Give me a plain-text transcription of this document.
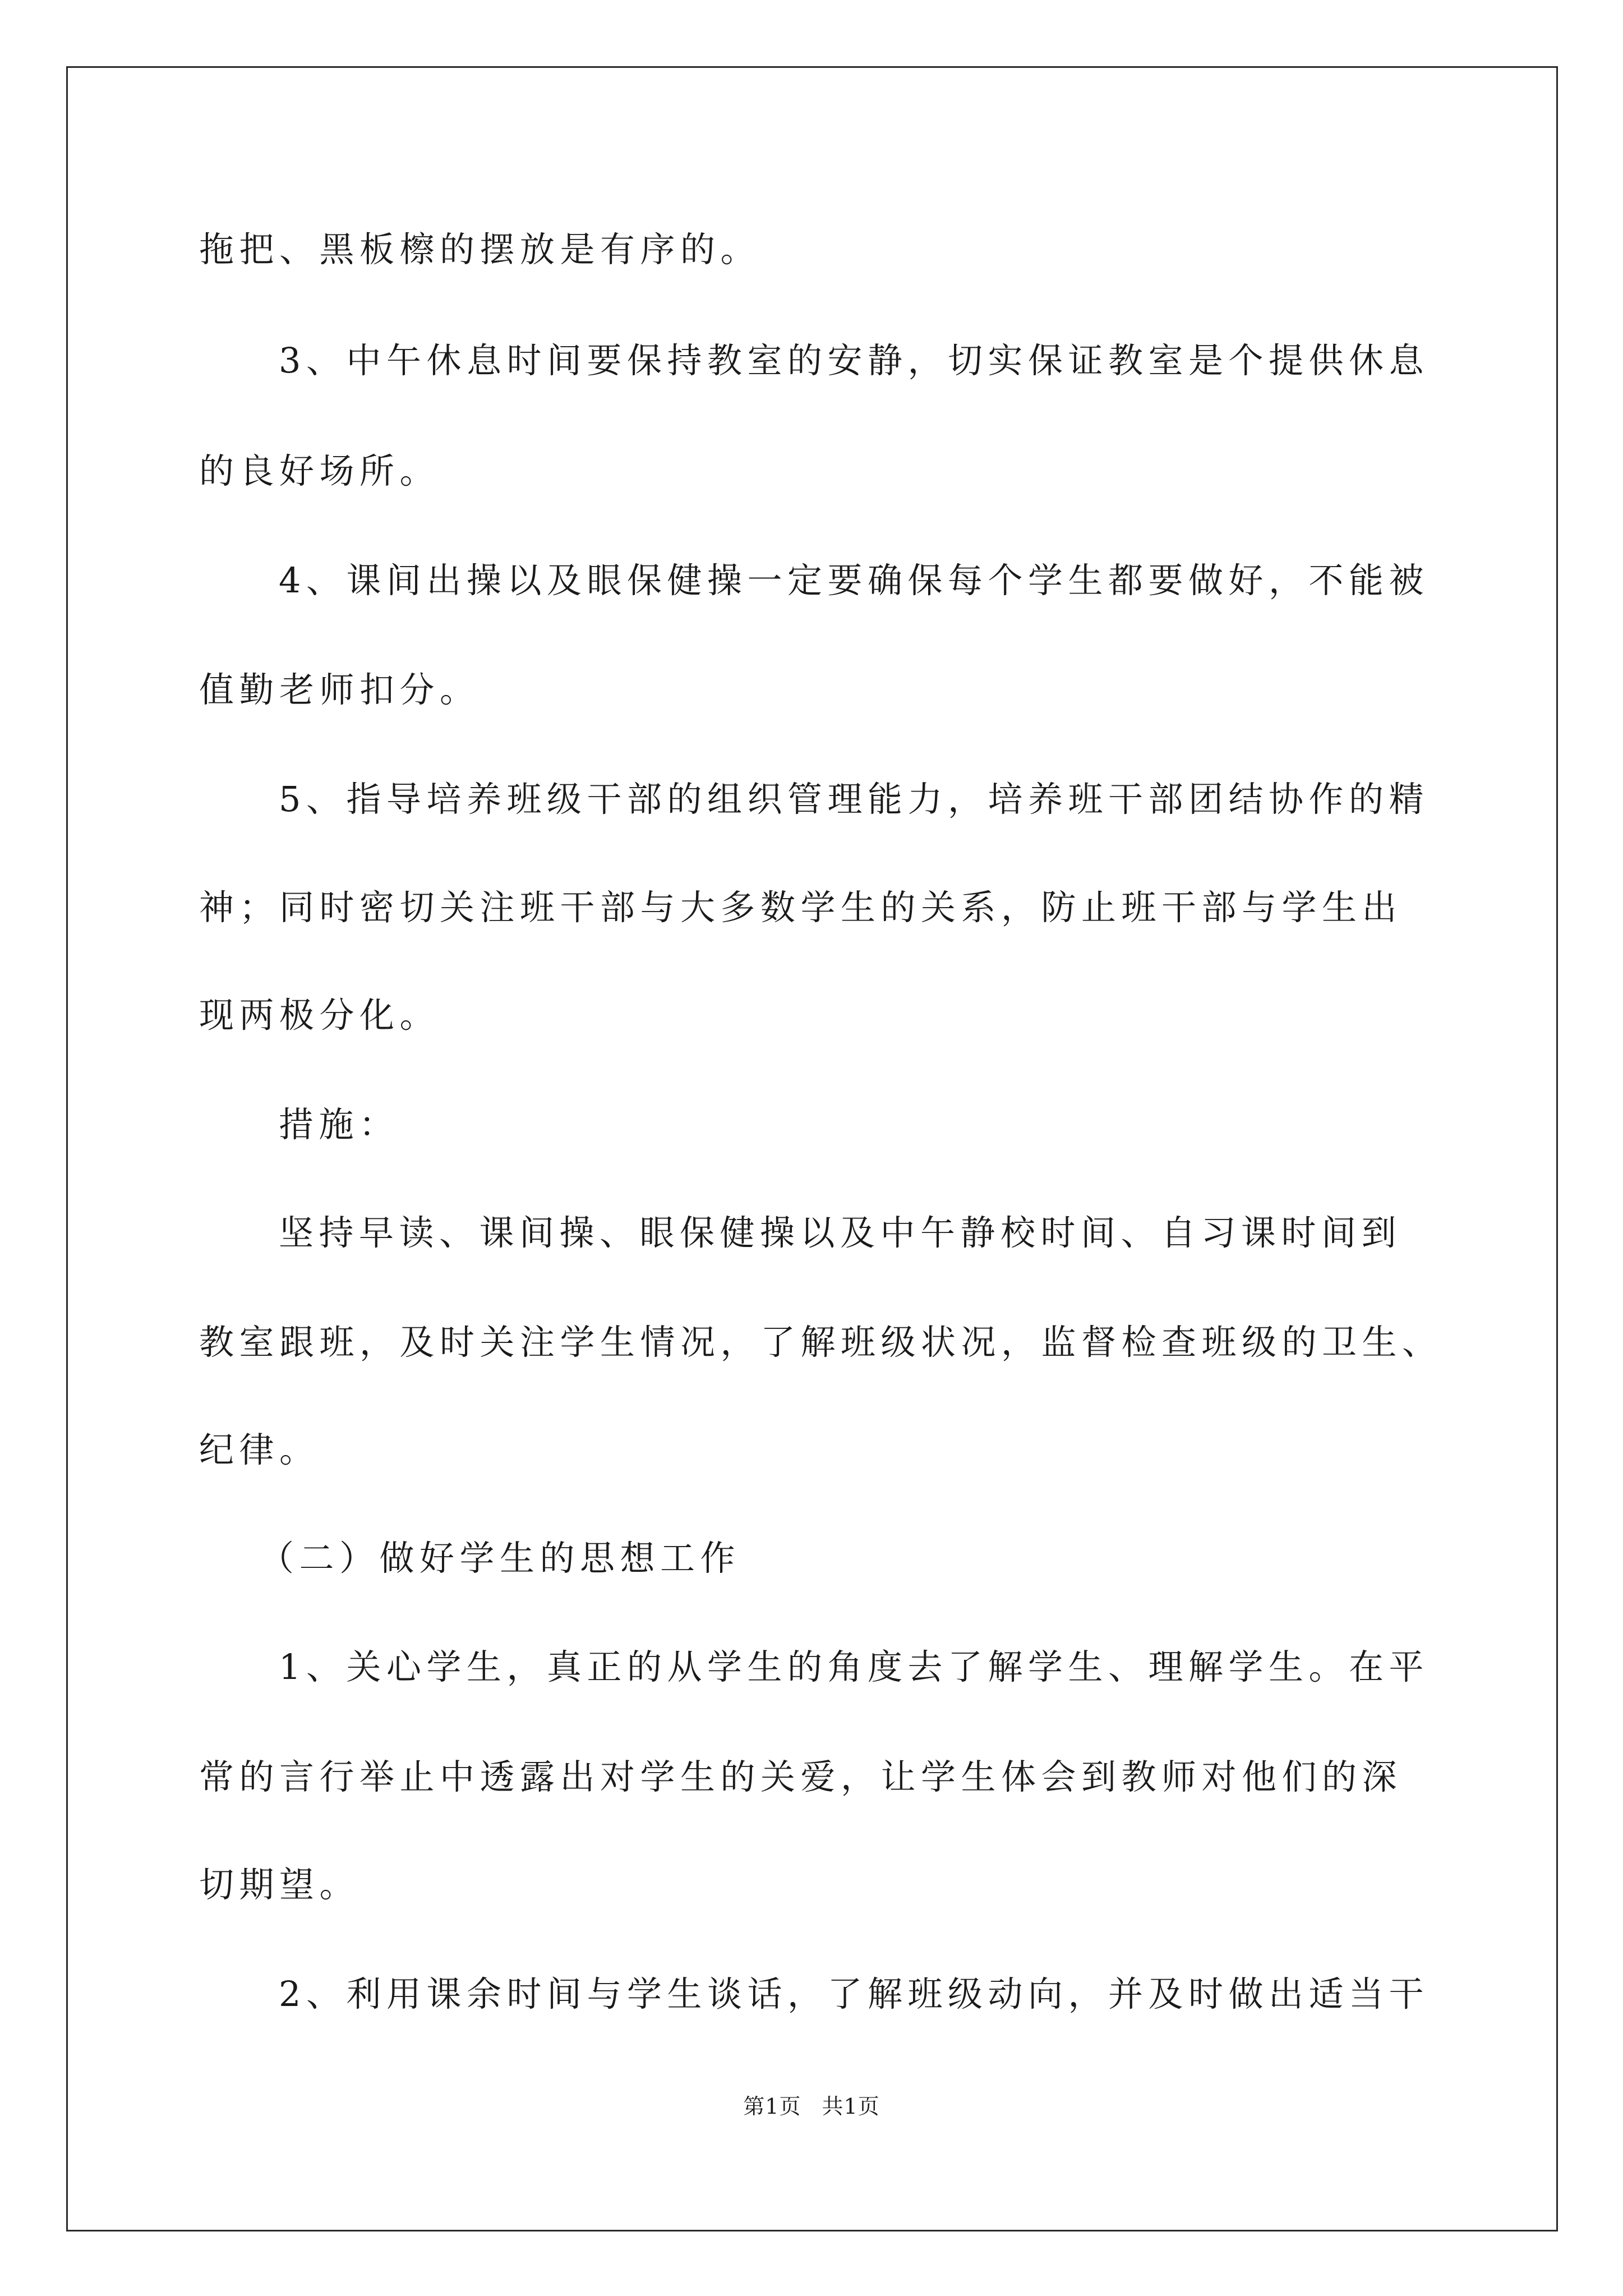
拖把、黑板檫的摆放是有序的。
3、中午休息时间要保持教室的安静，切实保证教室是个提供休息
的良好场所。
4、课间出操以及眼保健操一定要确保每个学生都要做好，不能被
值勤老师扣分。
5、指导培养班级干部的组织管理能力，培养班干部团结协作的精
神；同时密切关注班干部与大多数学生的关系，防止班干部与学生出
现两极分化。
措施：
坚持早读、课间操、眼保健操以及中午静校时间、自习课时间到
教室跟班，及时关注学生情况，了解班级状况，监督检查班级的卫生、
纪律。
（二）做好学生的思想工作
1、关心学生，真正的从学生的角度去了解学生、理解学生。在平
常的言行举止中透露出对学生的关爱，让学生体会到教师对他们的深
切期望。
2、利用课余时间与学生谈话，了解班级动向，并及时做出适当干
第1页 共1页
